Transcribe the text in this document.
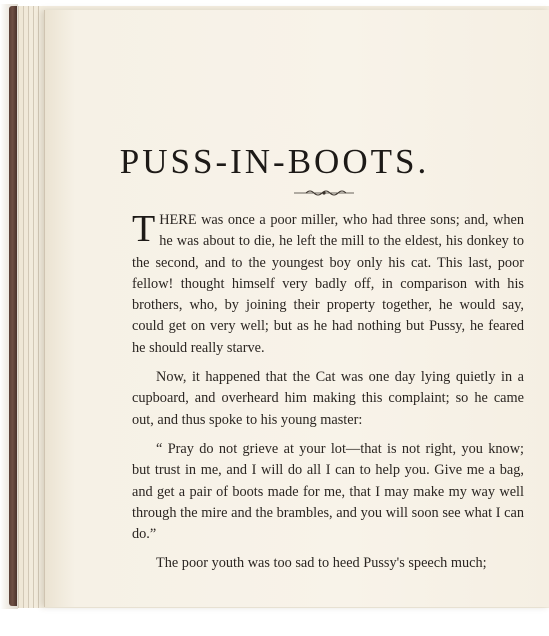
PUSS-IN-BOOTS.

THERE was once a poor miller, who had three sons; and, when he was about to die, he left the mill to the eldest, his donkey to the second, and to the youngest boy only his cat. This last, poor fellow! thought himself very badly off, in comparison with his brothers, who, by joining their property together, he would say, could get on very well; but as he had nothing but Pussy, he feared he should really starve.

Now, it happened that the Cat was one day lying quietly in a cupboard, and overheard him making this complaint; so he came out, and thus spoke to his young master:

“ Pray do not grieve at your lot—that is not right, you know; but trust in me, and I will do all I can to help you. Give me a bag, and get a pair of boots made for me, that I may make my way well through the mire and the brambles, and you will soon see what I can do.”

The poor youth was too sad to heed Pussy's speech much;
